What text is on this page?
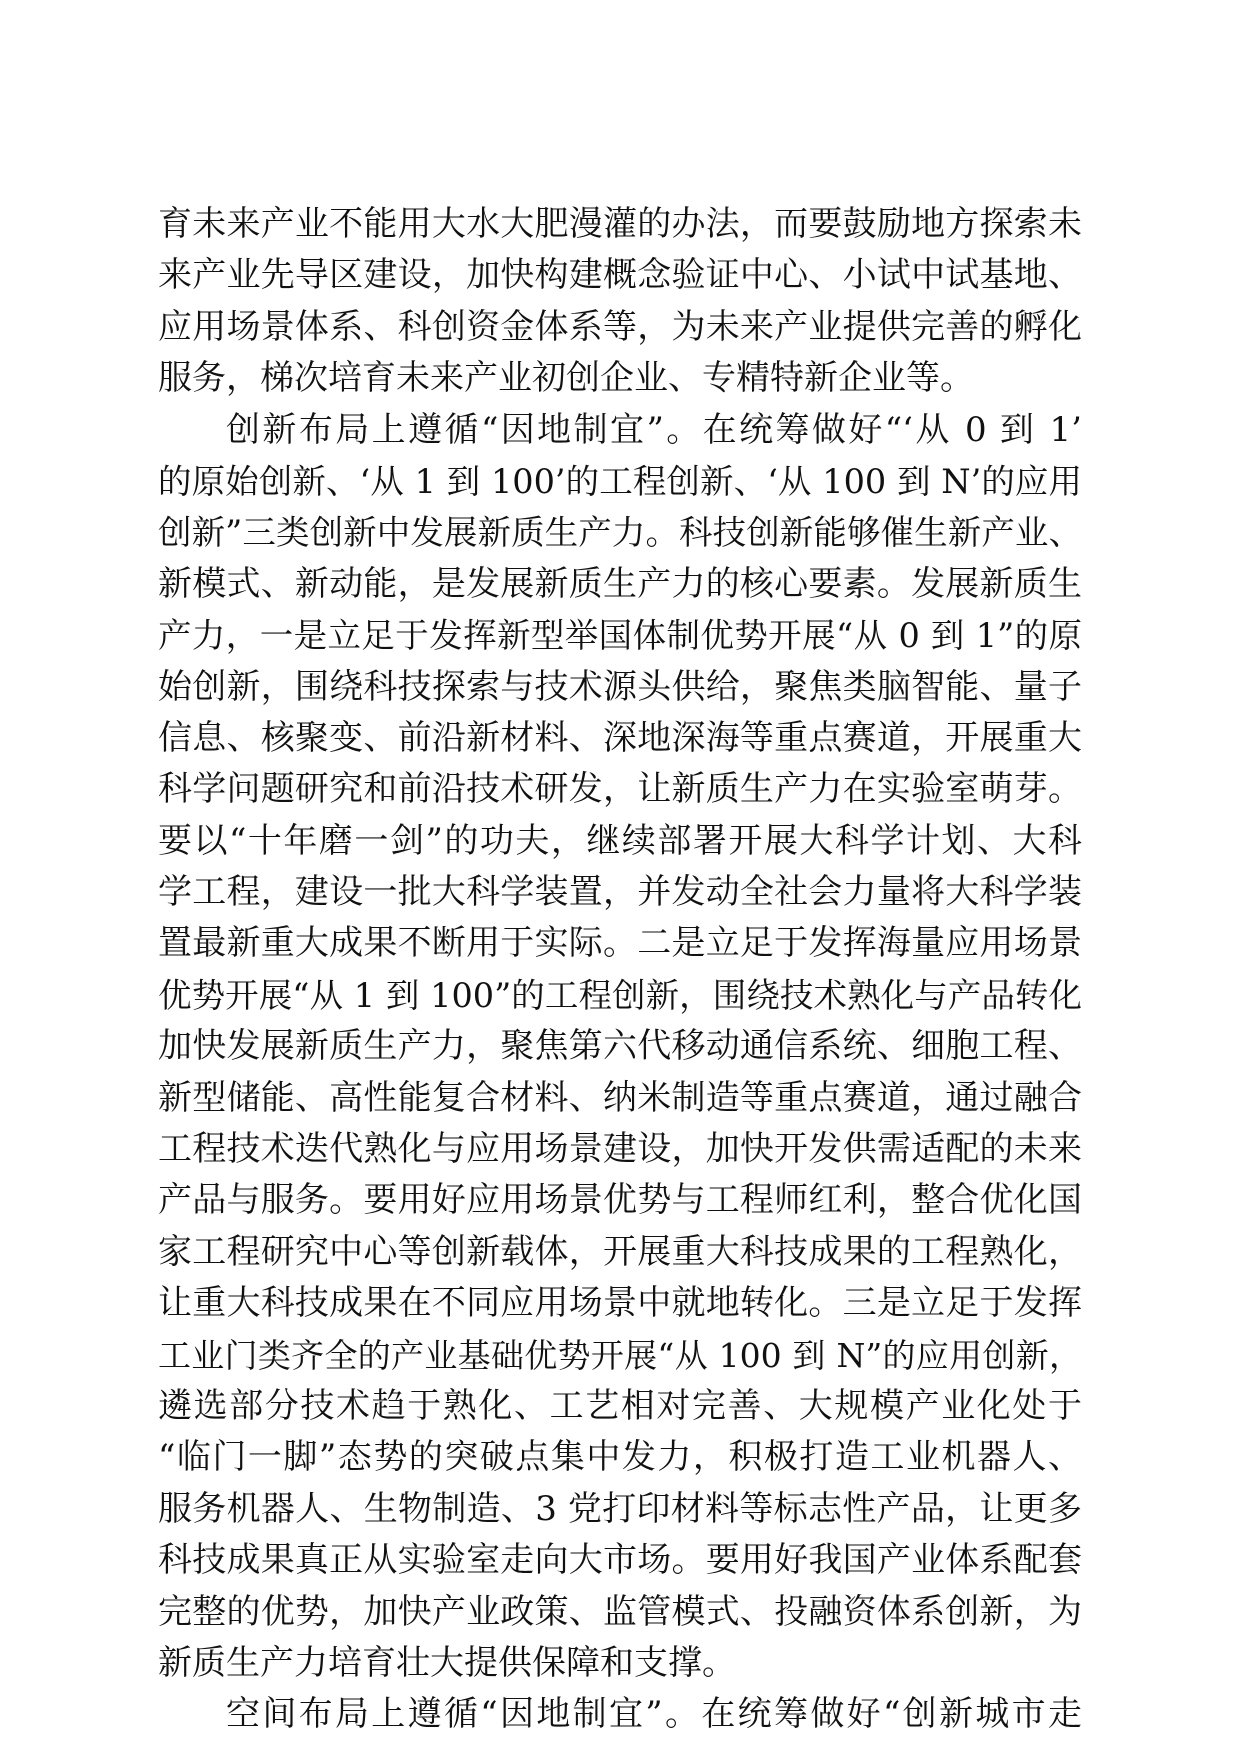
育未来产业不能用大水大肥漫灌的办法，而要鼓励地方探索未
来产业先导区建设，加快构建概念验证中心、小试中试基地、
应用场景体系、科创资金体系等，为未来产业提供完善的孵化
服务，梯次培育未来产业初创企业、专精特新企业等。
创新布局上遵循“因地制宜”。在统筹做好“‘从 0 到 1’
的原始创新、‘从 1 到 100’的工程创新、‘从 100 到 N’的应用
创新”三类创新中发展新质生产力。科技创新能够催生新产业、
新模式、新动能，是发展新质生产力的核心要素。发展新质生
产力，一是立足于发挥新型举国体制优势开展“从 0 到 1”的原
始创新，围绕科技探索与技术源头供给，聚焦类脑智能、量子
信息、核聚变、前沿新材料、深地深海等重点赛道，开展重大
科学问题研究和前沿技术研发，让新质生产力在实验室萌芽。
要以“十年磨一剑”的功夫，继续部署开展大科学计划、大科
学工程，建设一批大科学装置，并发动全社会力量将大科学装
置最新重大成果不断用于实际。二是立足于发挥海量应用场景
优势开展“从 1 到 100”的工程创新，围绕技术熟化与产品转化
加快发展新质生产力，聚焦第六代移动通信系统、细胞工程、
新型储能、高性能复合材料、纳米制造等重点赛道，通过融合
工程技术迭代熟化与应用场景建设，加快开发供需适配的未来
产品与服务。要用好应用场景优势与工程师红利，整合优化国
家工程研究中心等创新载体，开展重大科技成果的工程熟化，
让重大科技成果在不同应用场景中就地转化。三是立足于发挥
工业门类齐全的产业基础优势开展“从 100 到 N”的应用创新，
遴选部分技术趋于熟化、工艺相对完善、大规模产业化处于
“临门一脚”态势的突破点集中发力，积极打造工业机器人、
服务机器人、生物制造、3 党打印材料等标志性产品，让更多
科技成果真正从实验室走向大市场。要用好我国产业体系配套
完整的优势，加快产业政策、监管模式、投融资体系创新，为
新质生产力培育壮大提供保障和支撑。
空间布局上遵循“因地制宜”。在统筹做好“创新城市走
